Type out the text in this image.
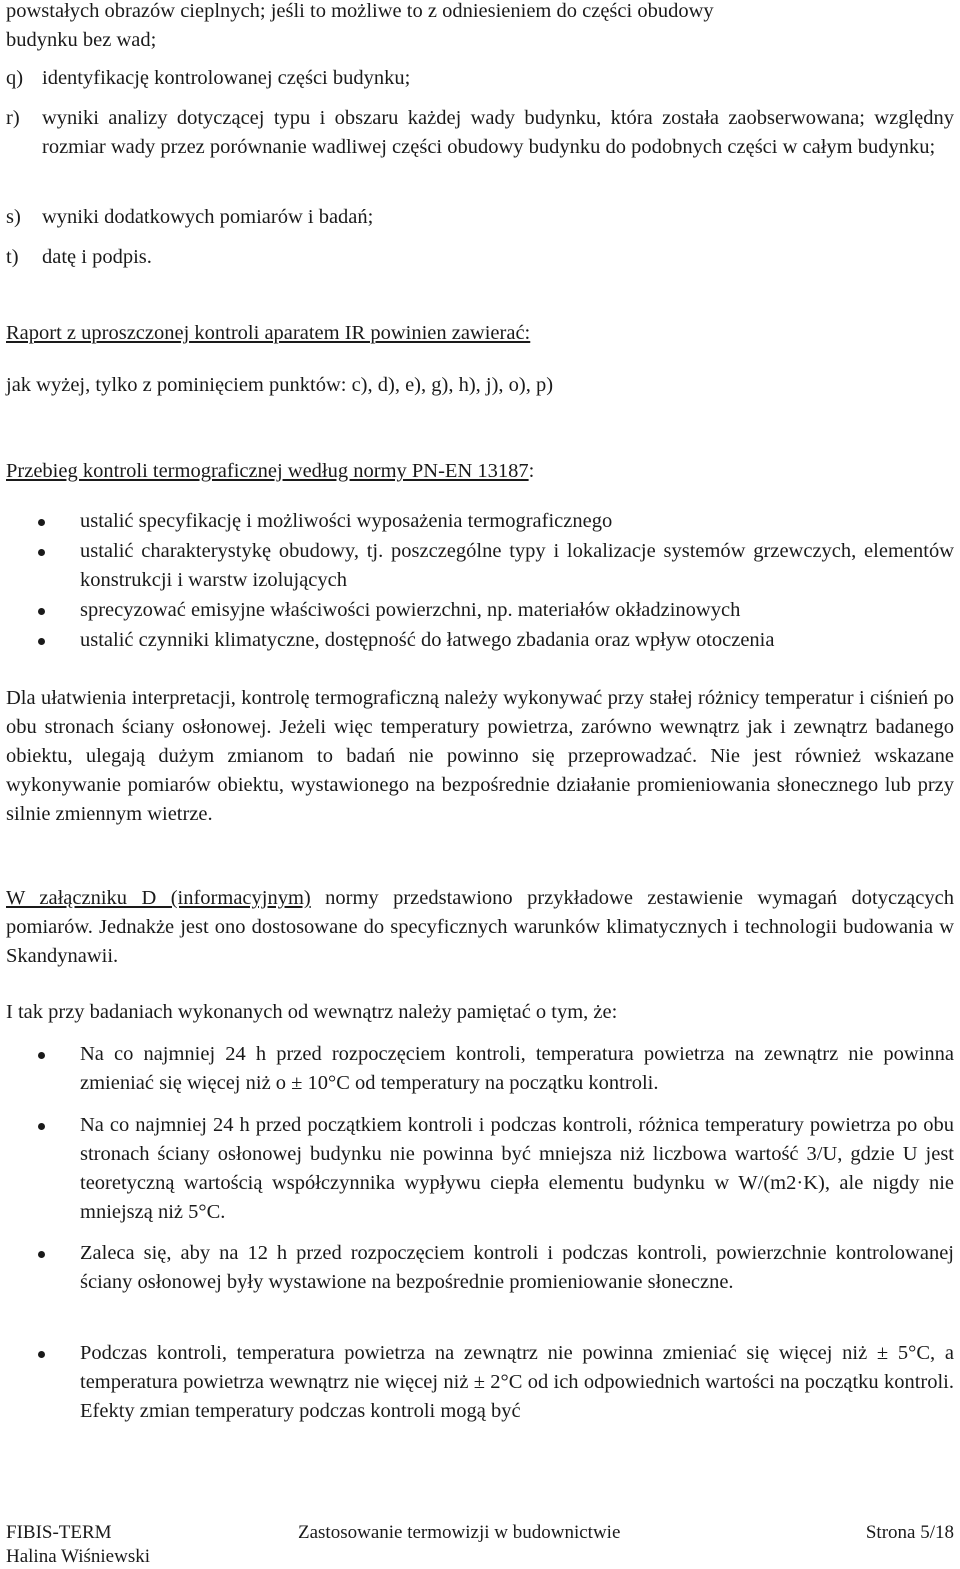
powstałych obrazów cieplnych; jeśli to możliwe to z odniesieniem do części obudowy
budynku bez wad;
q) identyfikację kontrolowanej części budynku;
r) wyniki analizy dotyczącej typu i obszaru każdej wady budynku, która została zaobserwowana; względny rozmiar wady przez porównanie wadliwej części obudowy budynku do podobnych części w całym budynku;
s) wyniki dodatkowych pomiarów i badań;
t) datę i podpis.
Raport z uproszczonej kontroli aparatem IR powinien zawierać:
jak wyżej, tylko z pominięciem punktów: c), d), e), g), h), j), o), p)
Przebieg kontroli termograficznej według normy PN-EN 13187:
ustalić specyfikację i możliwości wyposażenia termograficznego
ustalić charakterystykę obudowy, tj. poszczególne typy i lokalizacje systemów grzewczych, elementów konstrukcji i warstw izolujących
sprecyzować emisyjne właściwości powierzchni, np. materiałów okładzinowych
ustalić czynniki klimatyczne, dostępność do łatwego zbadania oraz wpływ otoczenia
Dla ułatwienia interpretacji, kontrolę termograficzną należy wykonywać przy stałej różnicy temperatur i ciśnień po obu stronach ściany osłonowej. Jeżeli więc temperatury powietrza, zarówno wewnątrz jak i zewnątrz badanego obiektu, ulegają dużym zmianom to badań nie powinno się przeprowadzać. Nie jest również wskazane wykonywanie pomiarów obiektu, wystawionego na bezpośrednie działanie promieniowania słonecznego lub przy silnie zmiennym wietrze.
W załączniku D (informacyjnym) normy przedstawiono przykładowe zestawienie wymagań dotyczących pomiarów. Jednakże jest ono dostosowane do specyficznych warunków klimatycznych i technologii budowania w Skandynawii.
I tak przy badaniach wykonanych od wewnątrz należy pamiętać o tym, że:
Na co najmniej 24 h przed rozpoczęciem kontroli, temperatura powietrza na zewnątrz nie powinna zmieniać się więcej niż o ± 10°C od temperatury na początku kontroli.
Na co najmniej 24 h przed początkiem kontroli i podczas kontroli, różnica temperatury powietrza po obu stronach ściany osłonowej budynku nie powinna być mniejsza niż liczbowa wartość 3/U, gdzie U jest teoretyczną wartością współczynnika wypływu ciepła elementu budynku w W/(m2·K), ale nigdy nie mniejszą niż 5°C.
Zaleca się, aby na 12 h przed rozpoczęciem kontroli i podczas kontroli, powierzchnie kontrolowanej ściany osłonowej były wystawione na bezpośrednie promieniowanie słoneczne.
Podczas kontroli, temperatura powietrza na zewnątrz nie powinna zmieniać się więcej niż ± 5°C, a temperatura powietrza wewnątrz nie więcej niż ± 2°C od ich odpowiednich wartości na początku kontroli. Efekty zmian temperatury podczas kontroli mogą być
FIBIS-TERM	Zastosowanie termowizji w budownictwie	Strona 5/18
Halina Wiśniewski
